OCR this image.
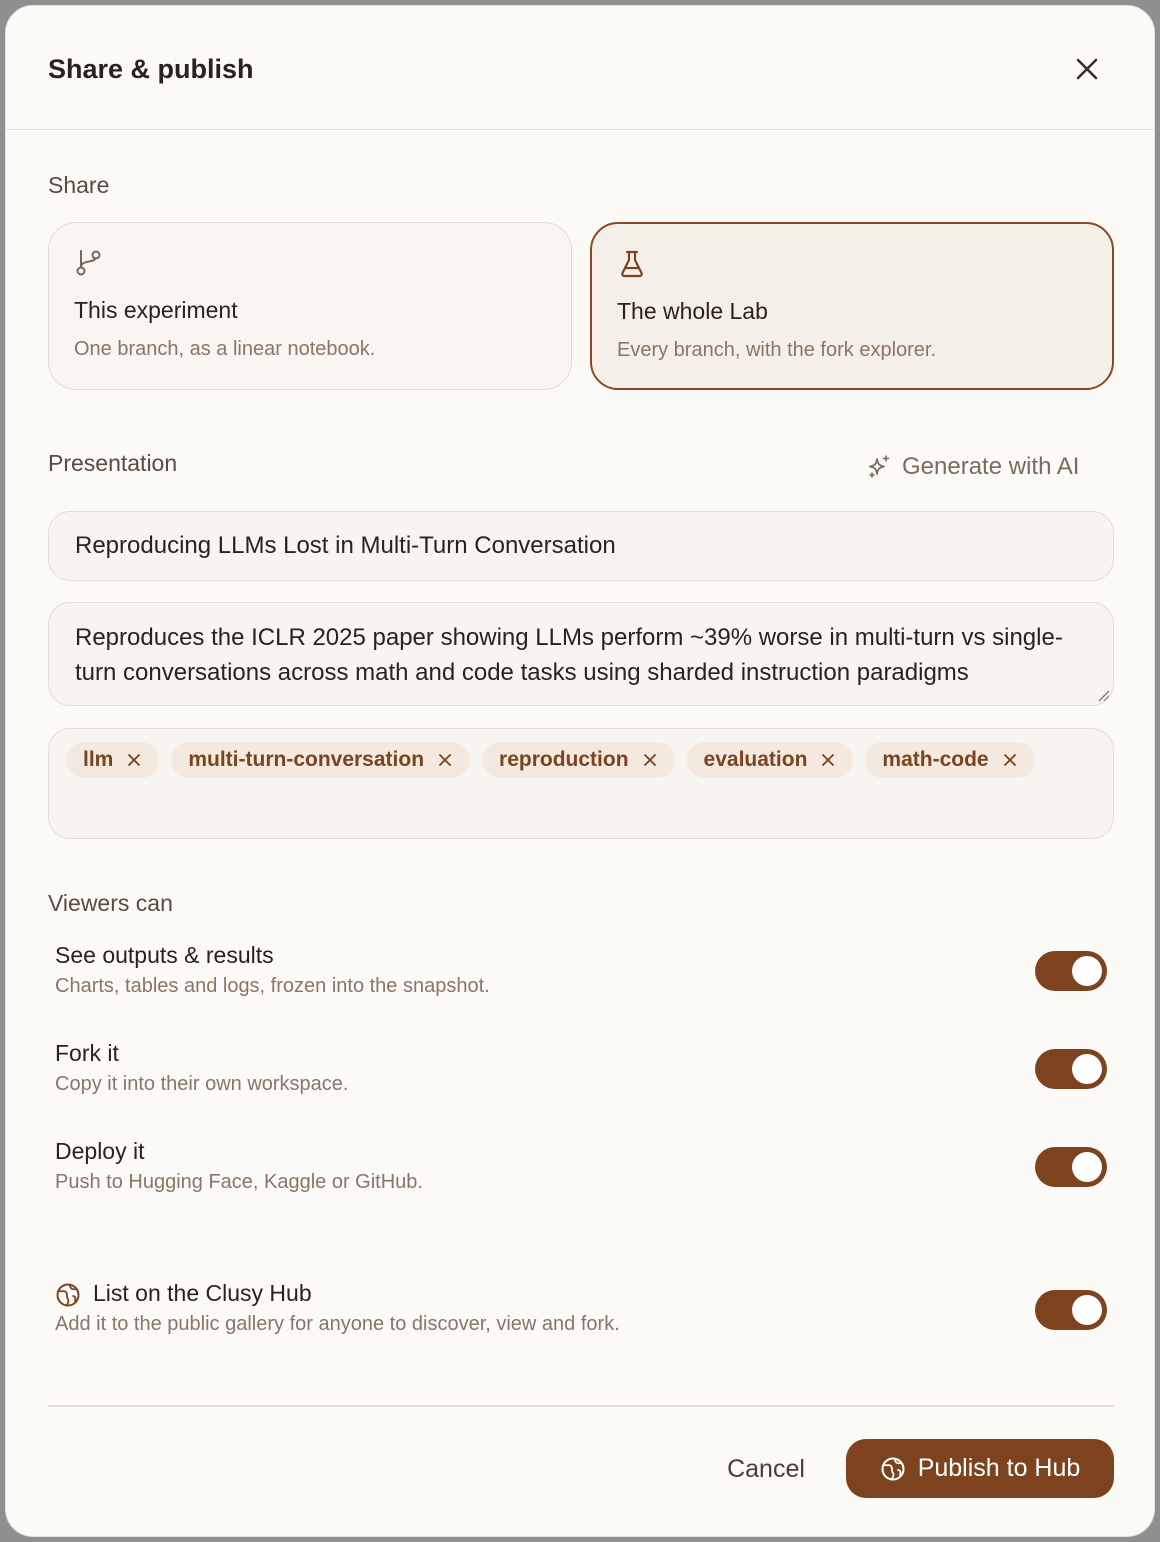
Share & publish
Share
This experiment
One branch, as a linear notebook.
The whole Lab
Every branch, with the fork explorer.
Presentation	Generate with AI
Reproducing LLMs Lost in Multi-Turn Conversation
Reproduces the ICLR 2025 paper showing LLMs perform ~39% worse in multi-turn vs single-turn conversations across math and code tasks using sharded instruction paradigms
llm	multi-turn-conversation	reproduction	evaluation	math-code
Viewers can
See outputs & results
Charts, tables and logs, frozen into the snapshot.
Fork it
Copy it into their own workspace.
Deploy it
Push to Hugging Face, Kaggle or GitHub.
List on the Clusy Hub
Add it to the public gallery for anyone to discover, view and fork.
Cancel	Publish to Hub
